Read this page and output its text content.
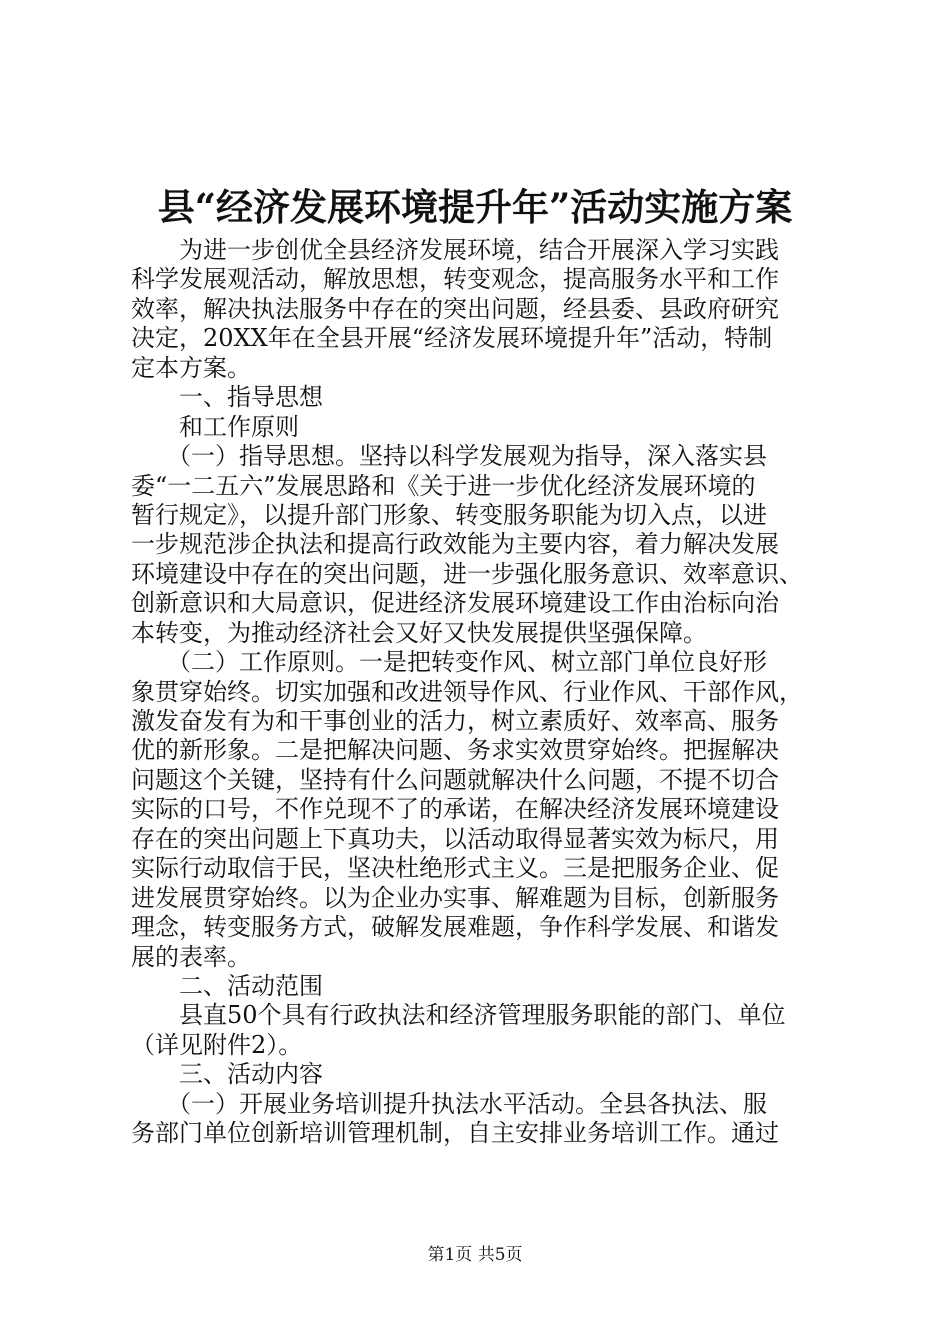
县“经济发展环境提升年”活动实施方案
　　为进一步创优全县经济发展环境，结合开展深入学习实践
科学发展观活动，解放思想，转变观念，提高服务水平和工作
效率，解决执法服务中存在的突出问题，经县委、县政府研究
决定，20XX年在全县开展“经济发展环境提升年”活动，特制
定本方案。
　　一、指导思想
　　和工作原则
　　（一）指导思想。坚持以科学发展观为指导，深入落实县
委“一二五六”发展思路和《关于进一步优化经济发展环境的
暂行规定》，以提升部门形象、转变服务职能为切入点，以进
一步规范涉企执法和提高行政效能为主要内容，着力解决发展
环境建设中存在的突出问题，进一步强化服务意识、效率意识、
创新意识和大局意识，促进经济发展环境建设工作由治标向治
本转变，为推动经济社会又好又快发展提供坚强保障。
　　（二）工作原则。一是把转变作风、树立部门单位良好形
象贯穿始终。切实加强和改进领导作风、行业作风、干部作风，
激发奋发有为和干事创业的活力，树立素质好、效率高、服务
优的新形象。二是把解决问题、务求实效贯穿始终。把握解决
问题这个关键，坚持有什么问题就解决什么问题，不提不切合
实际的口号，不作兑现不了的承诺，在解决经济发展环境建设
存在的突出问题上下真功夫，以活动取得显著实效为标尺，用
实际行动取信于民，坚决杜绝形式主义。三是把服务企业、促
进发展贯穿始终。以为企业办实事、解难题为目标，创新服务
理念，转变服务方式，破解发展难题，争作科学发展、和谐发
展的表率。
　　二、活动范围
　　县直50个具有行政执法和经济管理服务职能的部门、单位
（详见附件2）。
　　三、活动内容
　　（一）开展业务培训提升执法水平活动。全县各执法、服
务部门单位创新培训管理机制，自主安排业务培训工作。通过
第1页 共5页
